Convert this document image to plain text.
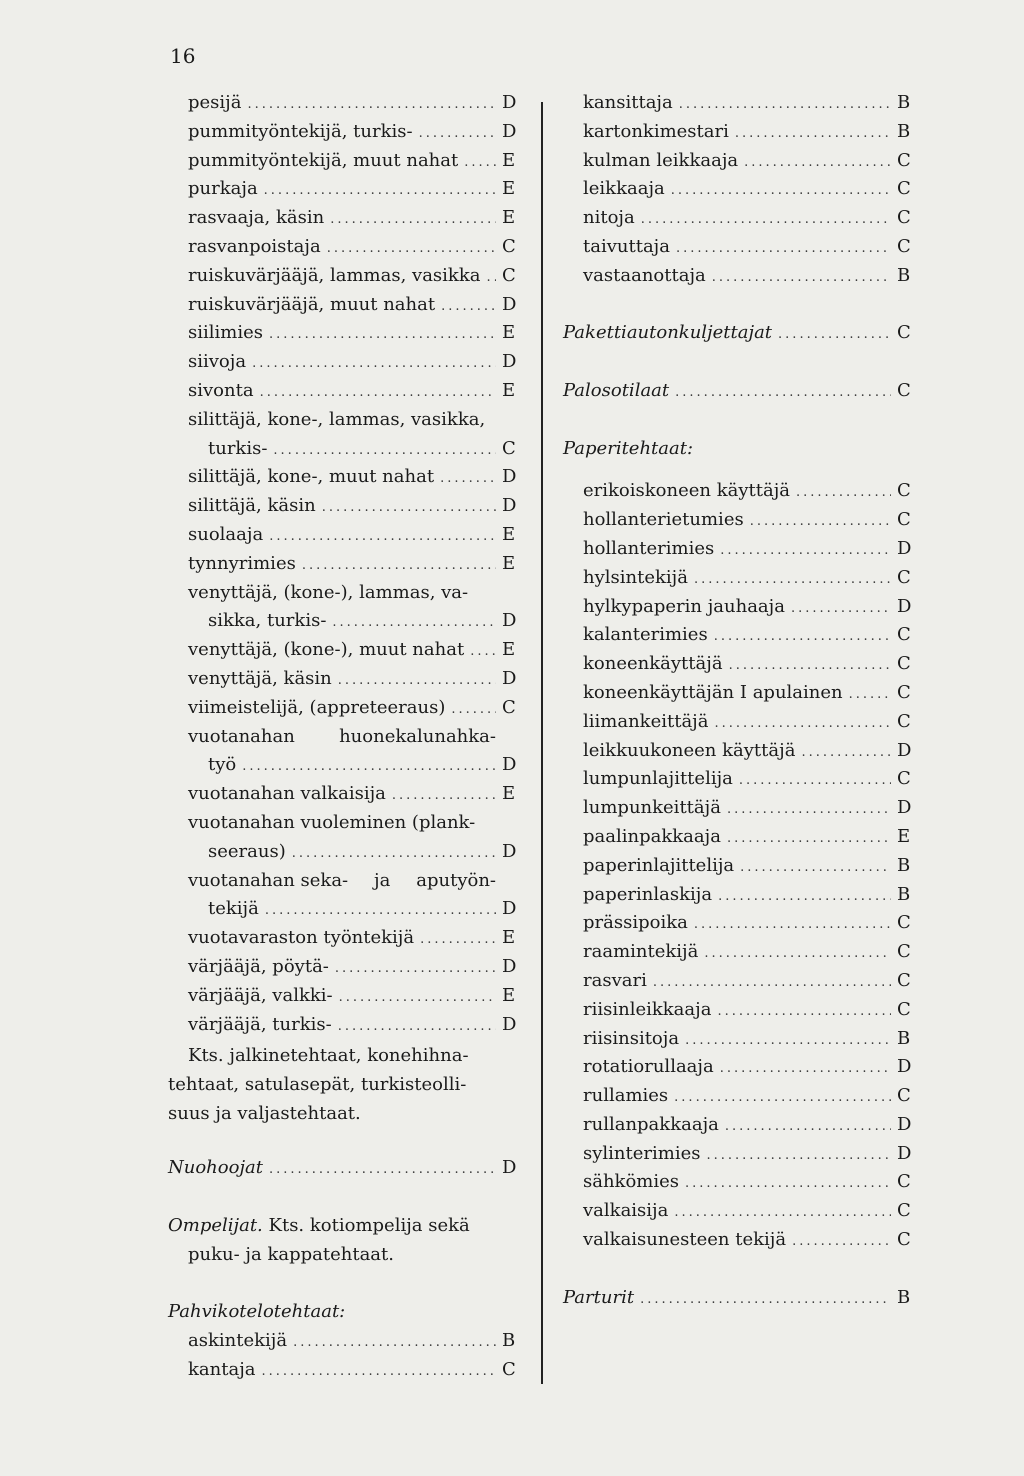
16
pesijä .....	D
pummityöntekijä, turkis- .....	D
pummityöntekijä, muut nahat ..... E
purkaja .....	E
rasvaaja, käsin .....	E
rasvanpoistaja .....	C
ruiskuvärjääjä, lammas, vasikka ..... C
ruiskuvärjääjä, muut nahat .....	D
siilimies .....	E
siivoja .....	D
sivonta .....	E
silittäjä, kone-, lammas, vasikka,
turkis- .....	C
silittäjä, kone-, muut nahat .....	D
silittäjä, käsin .....	D
suolaaja .....	E
tynnyrimies .....	E
venyttäjä, (kone-), lammas, va-
sikka, turkis- .....	D
venyttäjä, (kone-), muut nahat ..... E
venyttäjä, käsin .....	D
viimeistelijä, (appreteeraus) .....	C
vuotanahan huonekalunahka-
työ .....	D
vuotanahan valkaisija .....	E
vuotanahan vuoleminen (plank-
seeraus) .....	D
vuotanahan seka- ja aputyön-
tekijä .....	D
vuotavaraston työntekijä .....	E
värjääjä, pöytä- .....	D
värjääjä, valkki- .....	E
värjääjä, turkis- .....	D

Kts. jalkinetehtaat, konehihna-

tehtaat, satulasepät, turkisteolli-

suus ja valjastehtaat.

Nuohoojat .....	D
Ompelijat. Kts. kotiompelija sekä
puku- ja kappatehtaat.
Pahvikotelotehtaat:
askintekijä .....	B
kantaja .....	C
kansittaja .....	B
kartonkimestari .....	B
kulman leikkaaja .....	C
leikkaaja .....	C
nitoja .....	C
taivuttaja .....	C
vastaanottaja .....	B
Pakettiautonkuljettajat .....	C
Palosotilaat .....	C
Paperitehtaat:
erikoiskoneen käyttäjä .....	C
hollanterietumies .....	C
hollanterimies .....	D
hylsintekijä .....	C
hylkypaperin jauhaaja .....	D
kalanterimies .....	C
koneenkäyttäjä .....	C
koneenkäyttäjän I apulainen .....	C
liimankeittäjä .....	C
leikkuukoneen käyttäjä .....	D
lumpunlajittelija .....	C
lumpunkeittäjä .....	D
paalinpakkaaja .....	E
paperinlajittelija .....	B
paperinlaskija .....	B
prässipoika .....	C
raamintekijä .....	C
rasvari .....	C
riisinleikkaaja .....	C
riisinsitoja .....	B
rotatiorullaaja .....	D
rullamies .....	C
rullanpakkaaja .....	D
sylinterimies .....	D
sähkömies .....	C
valkaisija .....	C
valkaisunesteen tekijä .....	C
Parturit .....	B
